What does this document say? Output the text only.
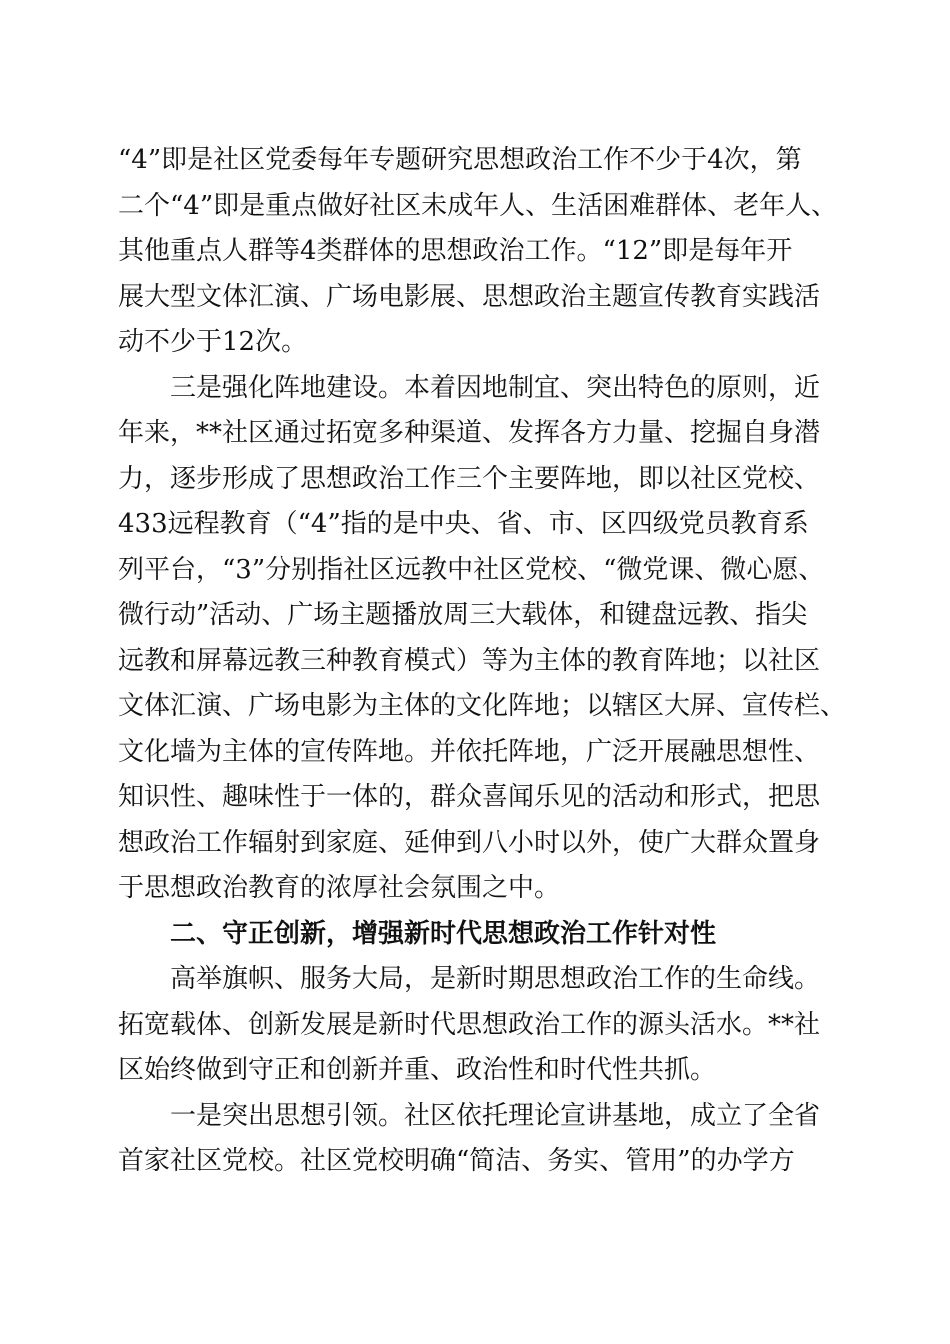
“4”即是社区党委每年专题研究思想政治工作不少于4次，第
二个“4”即是重点做好社区未成年人、生活困难群体、老年人、
其他重点人群等4类群体的思想政治工作。“12”即是每年开
展大型文体汇演、广场电影展、思想政治主题宣传教育实践活
动不少于12次。
三是强化阵地建设。本着因地制宜、突出特色的原则，近
年来，**社区通过拓宽多种渠道、发挥各方力量、挖掘自身潜
力，逐步形成了思想政治工作三个主要阵地，即以社区党校、
433远程教育（“4”指的是中央、省、市、区四级党员教育系
列平台，“3”分别指社区远教中社区党校、“微党课、微心愿、
微行动”活动、广场主题播放周三大载体，和键盘远教、指尖
远教和屏幕远教三种教育模式）等为主体的教育阵地；以社区
文体汇演、广场电影为主体的文化阵地；以辖区大屏、宣传栏、
文化墙为主体的宣传阵地。并依托阵地，广泛开展融思想性、
知识性、趣味性于一体的，群众喜闻乐见的活动和形式，把思
想政治工作辐射到家庭、延伸到八小时以外，使广大群众置身
于思想政治教育的浓厚社会氛围之中。
二、守正创新，增强新时代思想政治工作针对性
高举旗帜、服务大局，是新时期思想政治工作的生命线。
拓宽载体、创新发展是新时代思想政治工作的源头活水。**社
区始终做到守正和创新并重、政治性和时代性共抓。
一是突出思想引领。社区依托理论宣讲基地，成立了全省
首家社区党校。社区党校明确“简洁、务实、管用”的办学方
